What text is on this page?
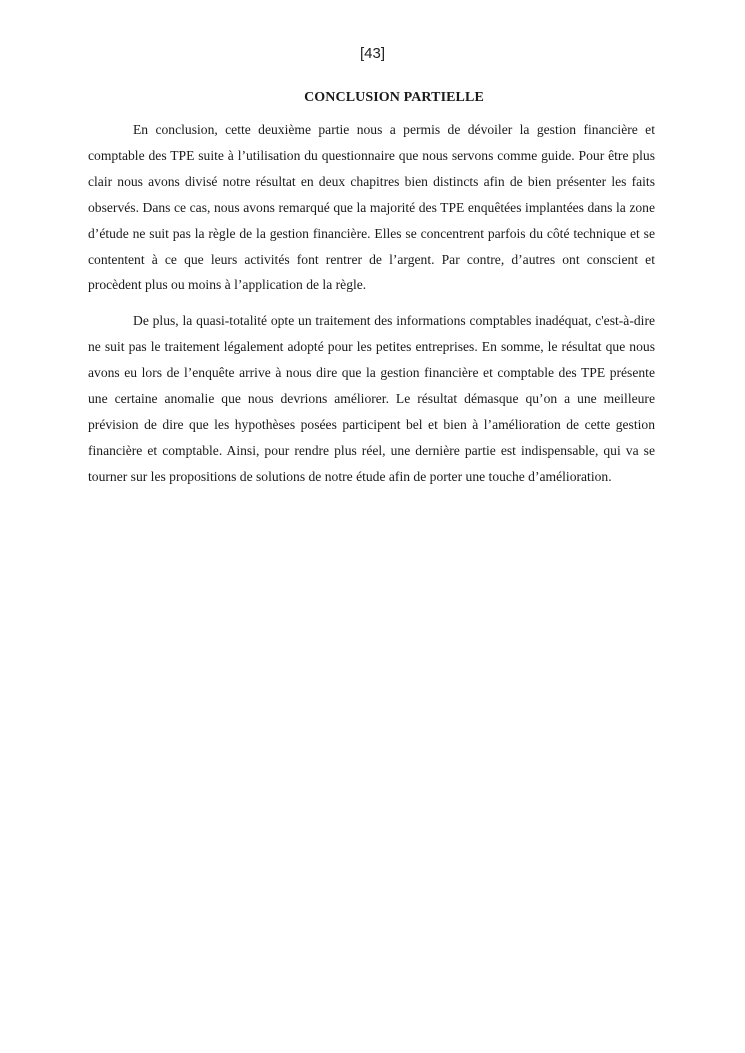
[43]
CONCLUSION PARTIELLE

En conclusion, cette deuxième partie nous a permis de dévoiler la gestion financière et comptable des TPE suite à l’utilisation du questionnaire que nous servons comme guide. Pour être plus clair nous avons divisé notre résultat en deux chapitres bien distincts afin de bien présenter les faits observés. Dans ce cas, nous avons remarqué que la majorité des TPE enquêtées implantées dans la zone d’étude ne suit pas la règle de la gestion financière. Elles se concentrent parfois du côté technique et se contentent à ce que leurs activités font rentrer de l’argent. Par contre, d’autres ont conscient et procèdent plus ou moins à l’application de la règle.

De plus, la quasi-totalité opte un traitement des informations comptables inadéquat, c'est-à-dire ne suit pas le traitement légalement adopté pour les petites entreprises. En somme, le résultat que nous avons eu lors de l’enquête arrive à nous dire que la gestion financière et comptable des TPE présente une certaine anomalie que nous devrions améliorer. Le résultat démasque qu’on a une meilleure prévision de dire que les hypothèses posées participent bel et bien à l’amélioration de cette gestion financière et comptable. Ainsi, pour rendre plus réel, une dernière partie est indispensable, qui va se tourner sur les propositions de solutions de notre étude afin de porter une touche d’amélioration.
